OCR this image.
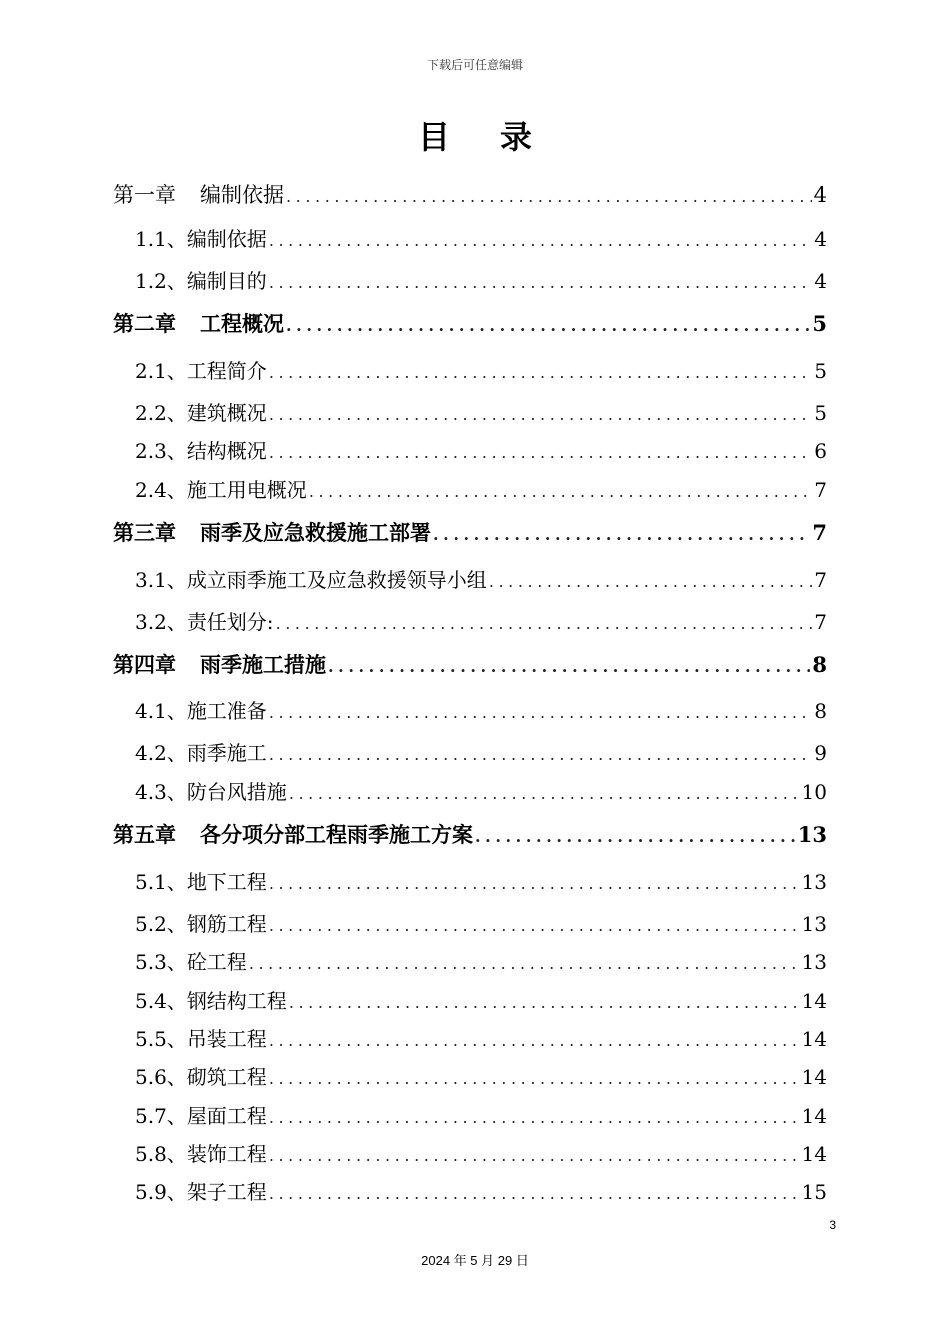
下载后可任意编辑
目录
第一章 编制依据 .....	4
1.1、编制依据 .....	4
1.2、编制目的 .....	4
第二章 工程概况 .....	5
2.1、工程简介 .....	5
2.2、建筑概况 .....	5
2.3、结构概况 .....	6
2.4、施工用电概况 .....	7
第三章 雨季及应急救援施工部署 .....	7
3.1、成立雨季施工及应急救援领导小组 .....	7
3.2、责任划分: .....	7
第四章 雨季施工措施 .....	8
4.1、施工准备 .....	8
4.2、雨季施工 .....	9
4.3、防台风措施 .....	10
第五章 各分项分部工程雨季施工方案 .....	13
5.1、地下工程 .....	13
5.2、钢筋工程 .....	13
5.3、砼工程 .....	13
5.4、钢结构工程 .....	14
5.5、吊装工程 .....	14
5.6、砌筑工程 .....	14
5.7、屋面工程 .....	14
5.8、装饰工程 .....	14
5.9、架子工程 .....	15
3
2024 年 5 月 29 日
